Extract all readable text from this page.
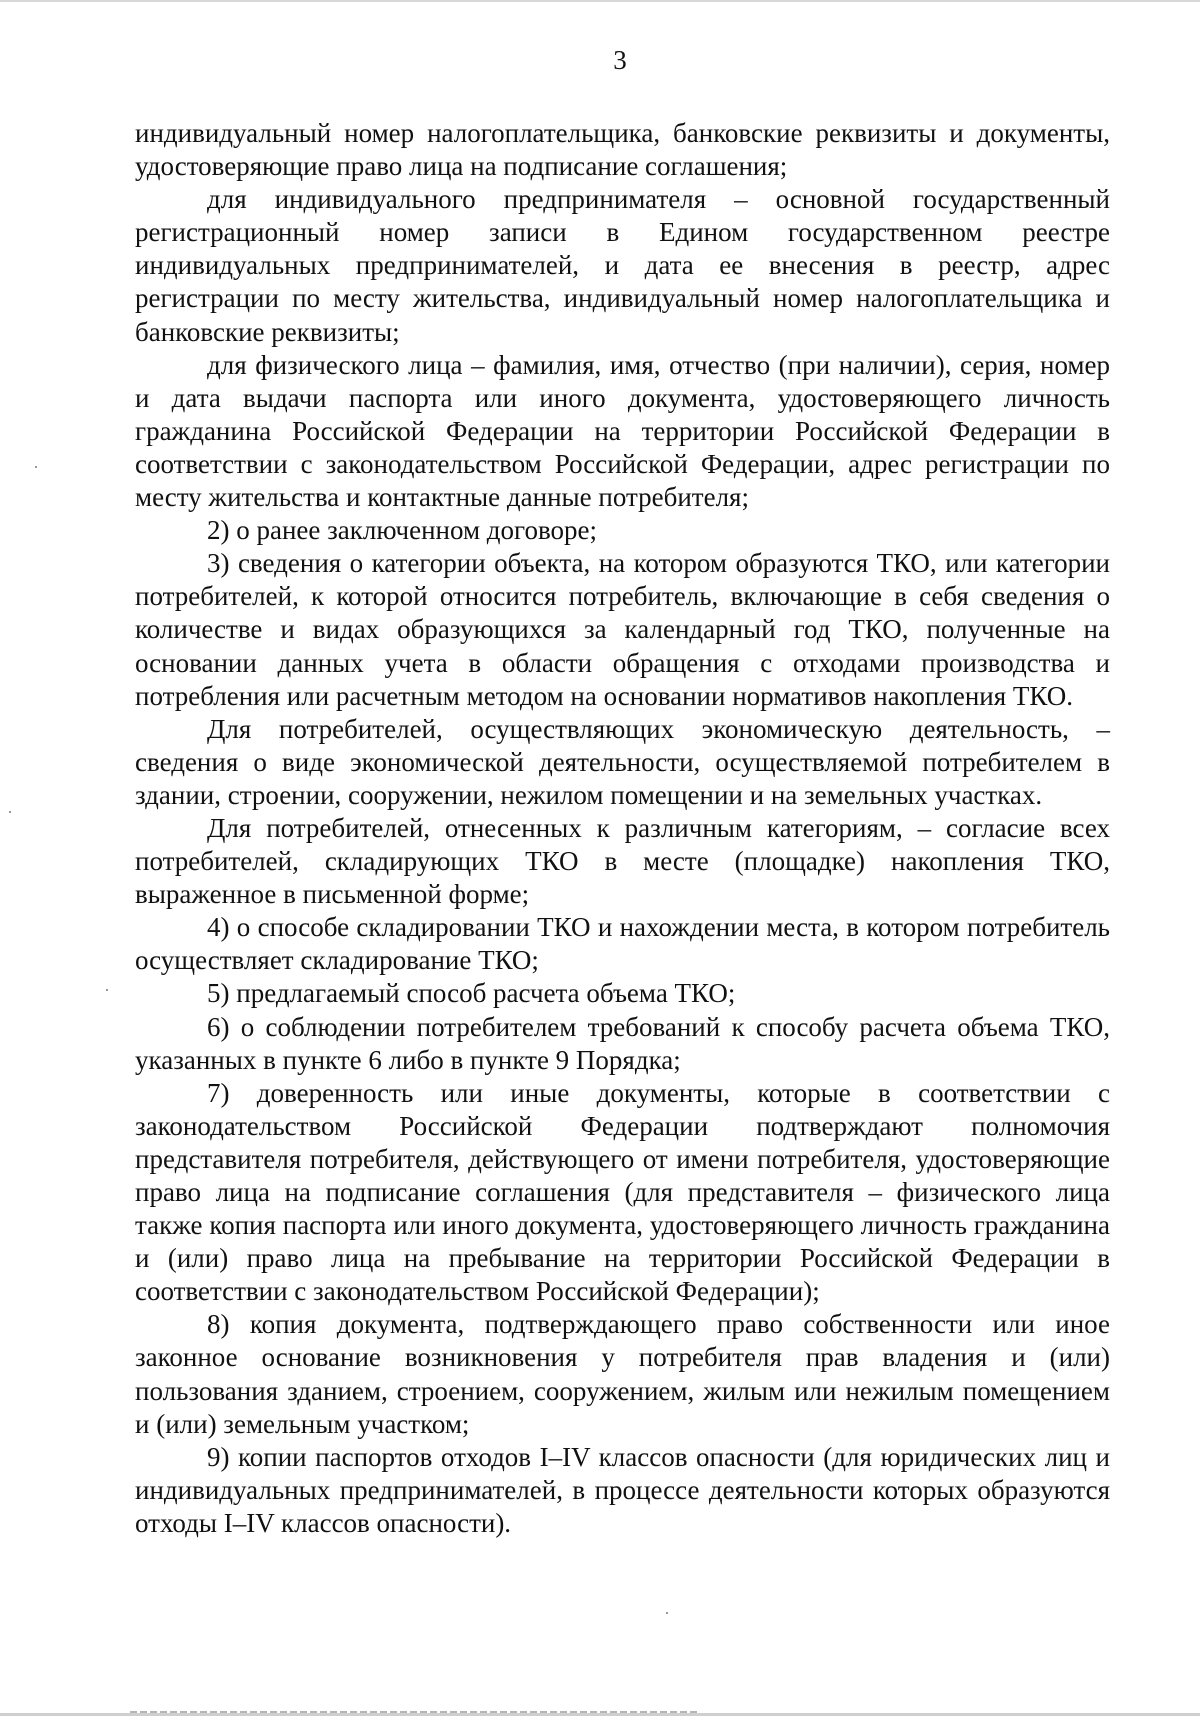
3

индивидуальный номер налогоплательщика, банковские реквизиты и документы, удостоверяющие право лица на подписание соглашения;

для индивидуального предпринимателя – основной государственный регистрационный номер записи в Едином государственном реестре индивидуальных предпринимателей, и дата ее внесения в реестр, адрес регистрации по месту жительства, индивидуальный номер налогоплательщика и банковские реквизиты;

для физического лица – фамилия, имя, отчество (при наличии), серия, номер и дата выдачи паспорта или иного документа, удостоверяющего личность гражданина Российской Федерации на территории Российской Федерации в соответствии с законодательством Российской Федерации, адрес регистрации по месту жительства и контактные данные потребителя;

2) о ранее заключенном договоре;

3) сведения о категории объекта, на котором образуются ТКО, или категории потребителей, к которой относится потребитель, включающие в себя сведения о количестве и видах образующихся за календарный год ТКО, полученные на основании данных учета в области обращения с отходами производства и потребления или расчетным методом на основании нормативов накопления ТКО.

Для потребителей, осуществляющих экономическую деятельность, – сведения о виде экономической деятельности, осуществляемой потребителем в здании, строении, сооружении, нежилом помещении и на земельных участках.

Для потребителей, отнесенных к различным категориям, – согласие всех потребителей, складирующих ТКО в месте (площадке) накопления ТКО, выраженное в письменной форме;

4) о способе складировании ТКО и нахождении места, в котором потребитель осуществляет складирование ТКО;

5) предлагаемый способ расчета объема ТКО;

6) о соблюдении потребителем требований к способу расчета объема ТКО, указанных в пункте 6 либо в пункте 9 Порядка;

7) доверенность или иные документы, которые в соответствии с законодательством Российской Федерации подтверждают полномочия представителя потребителя, действующего от имени потребителя, удостоверяющие право лица на подписание соглашения (для представителя – физического лица также копия паспорта или иного документа, удостоверяющего личность гражданина и (или) право лица на пребывание на территории Российской Федерации в соответствии с законодательством Российской Федерации);

8) копия документа, подтверждающего право собственности или иное законное основание возникновения у потребителя прав владения и (или) пользования зданием, строением, сооружением, жилым или нежилым помещением и (или) земельным участком;

9) копии паспортов отходов I–IV классов опасности (для юридических лиц и индивидуальных предпринимателей, в процессе деятельности которых образуются отходы I–IV классов опасности).
